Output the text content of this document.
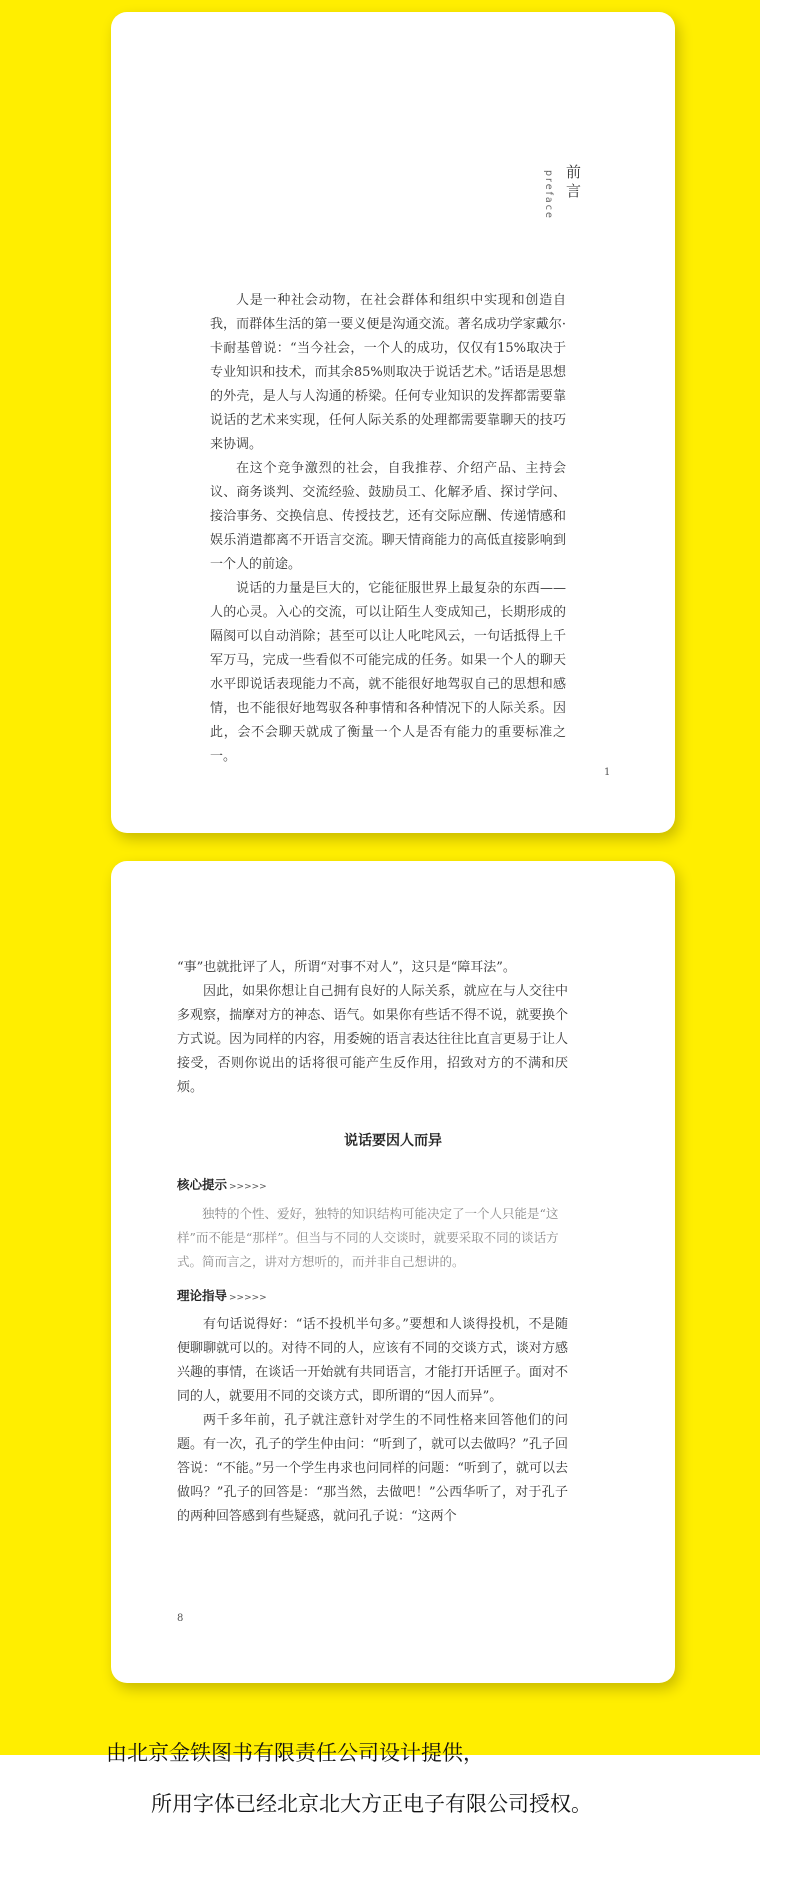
前言
preface

人是一种社会动物，在社会群体和组织中实现和创造自我，而群体生活的第一要义便是沟通交流。著名成功学家戴尔·卡耐基曾说：“当今社会，一个人的成功，仅仅有15%取决于专业知识和技术，而其余85%则取决于说话艺术。”话语是思想的外壳，是人与人沟通的桥梁。任何专业知识的发挥都需要靠说话的艺术来实现，任何人际关系的处理都需要靠聊天的技巧来协调。

在这个竞争激烈的社会，自我推荐、介绍产品、主持会议、商务谈判、交流经验、鼓励员工、化解矛盾、探讨学问、接洽事务、交换信息、传授技艺，还有交际应酬、传递情感和娱乐消遣都离不开语言交流。聊天情商能力的高低直接影响到一个人的前途。

说话的力量是巨大的，它能征服世界上最复杂的东西——人的心灵。入心的交流，可以让陌生人变成知己，长期形成的隔阂可以自动消除；甚至可以让人叱咤风云，一句话抵得上千军万马，完成一些看似不可能完成的任务。如果一个人的聊天水平即说话表现能力不高，就不能很好地驾驭自己的思想和感情，也不能很好地驾驭各种事情和各种情况下的人际关系。因此，会不会聊天就成了衡量一个人是否有能力的重要标准之一。

1

“事”也就批评了人，所谓“对事不对人”，这只是“障耳法”。

因此，如果你想让自己拥有良好的人际关系，就应在与人交往中多观察，揣摩对方的神态、语气。如果你有些话不得不说，就要换个方式说。因为同样的内容，用委婉的语言表达往往比直言更易于让人接受，否则你说出的话将很可能产生反作用，招致对方的不满和厌烦。

说话要因人而异
核心提示 >>>>>

独特的个性、爱好，独特的知识结构可能决定了一个人只能是“这样”而不能是“那样”。但当与不同的人交谈时，就要采取不同的谈话方式。简而言之，讲对方想听的，而并非自己想讲的。

理论指导 >>>>>

有句话说得好：“话不投机半句多。”要想和人谈得投机，不是随便聊聊就可以的。对待不同的人，应该有不同的交谈方式，谈对方感兴趣的事情，在谈话一开始就有共同语言，才能打开话匣子。面对不同的人，就要用不同的交谈方式，即所谓的“因人而异”。

两千多年前，孔子就注意针对学生的不同性格来回答他们的问题。有一次，孔子的学生仲由问：“听到了，就可以去做吗？”孔子回答说：“不能。”另一个学生冉求也问同样的问题：“听到了，就可以去做吗？”孔子的回答是：“那当然，去做吧！”公西华听了，对于孔子的两种回答感到有些疑惑，就问孔子说：“这两个

8
由北京金铁图书有限责任公司设计提供，
所用字体已经北京北大方正电子有限公司授权。
